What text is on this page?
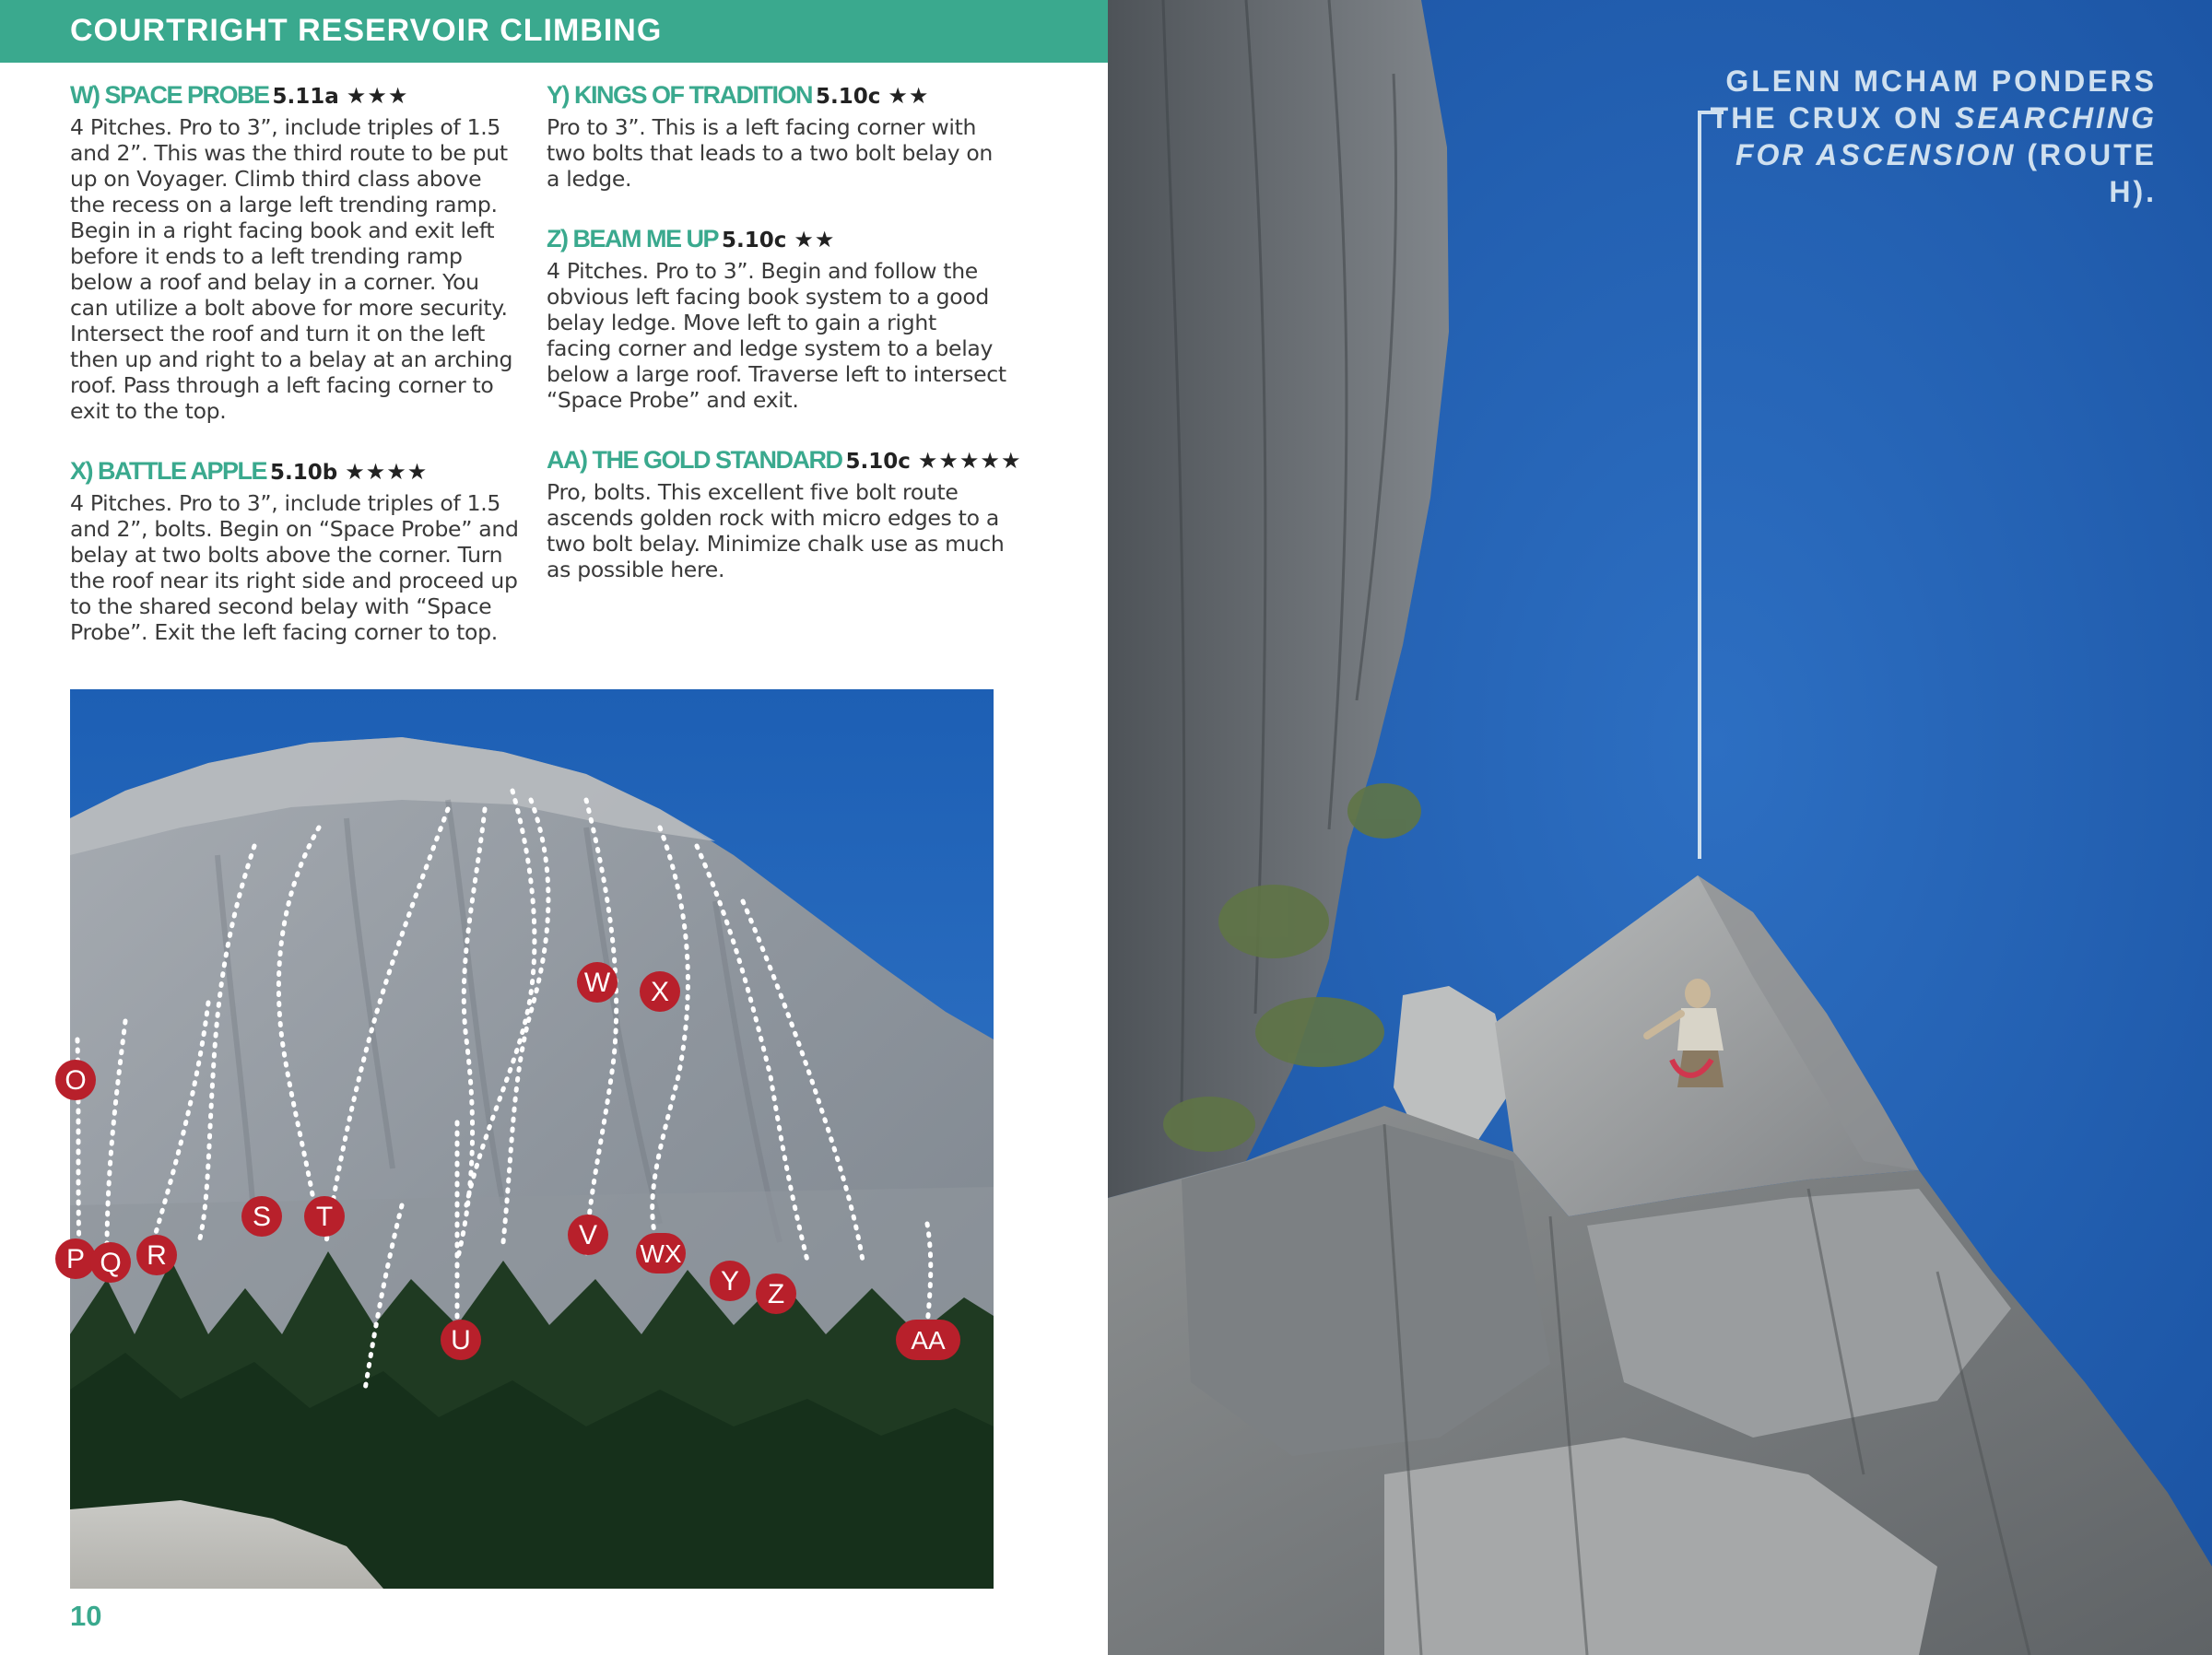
COURTRIGHT RESERVOIR CLIMBING
W) SPACE PROBE 5.11a ★★★
4 Pitches. Pro to 3”, include triples of 1.5 and 2”. This was the third route to be put up on Voyager. Climb third class above the recess on a large left trending ramp. Begin in a right facing book and exit left before it ends to a left trending ramp below a roof and belay in a corner. You can utilize a bolt above for more security. Intersect the roof and turn it on the left then up and right to a belay at an arching roof. Pass through a left facing corner to exit to the top.
X) BATTLE APPLE 5.10b ★★★★
4 Pitches. Pro to 3”, include triples of 1.5 and 2”, bolts. Begin on “Space Probe” and belay at two bolts above the corner. Turn the roof near its right side and proceed up to the shared second belay with “Space Probe”. Exit the left facing corner to top.
Y) KINGS OF TRADITION 5.10c ★★
Pro to 3”. This is a left facing corner with two bolts that leads to a two bolt belay on a ledge.
Z) BEAM ME UP 5.10c ★★
4 Pitches. Pro to 3”. Begin and follow the obvious left facing book system to a good belay ledge. Move left to gain a right facing corner and ledge system to a belay below a large roof. Traverse left to intersect “Space Probe” and exit.
AA) THE GOLD STANDARD 5.10c ★★★★★
Pro, bolts. This excellent five bolt route ascends golden rock with micro edges to a two bolt belay. Minimize chalk use as much as possible here.
O
P Q R
S T
U
V
W X
WX
Y Z
AA
10
GLENN MCHAM PONDERS
THE CRUX ON SEARCHING
FOR ASCENSION (ROUTE H).
